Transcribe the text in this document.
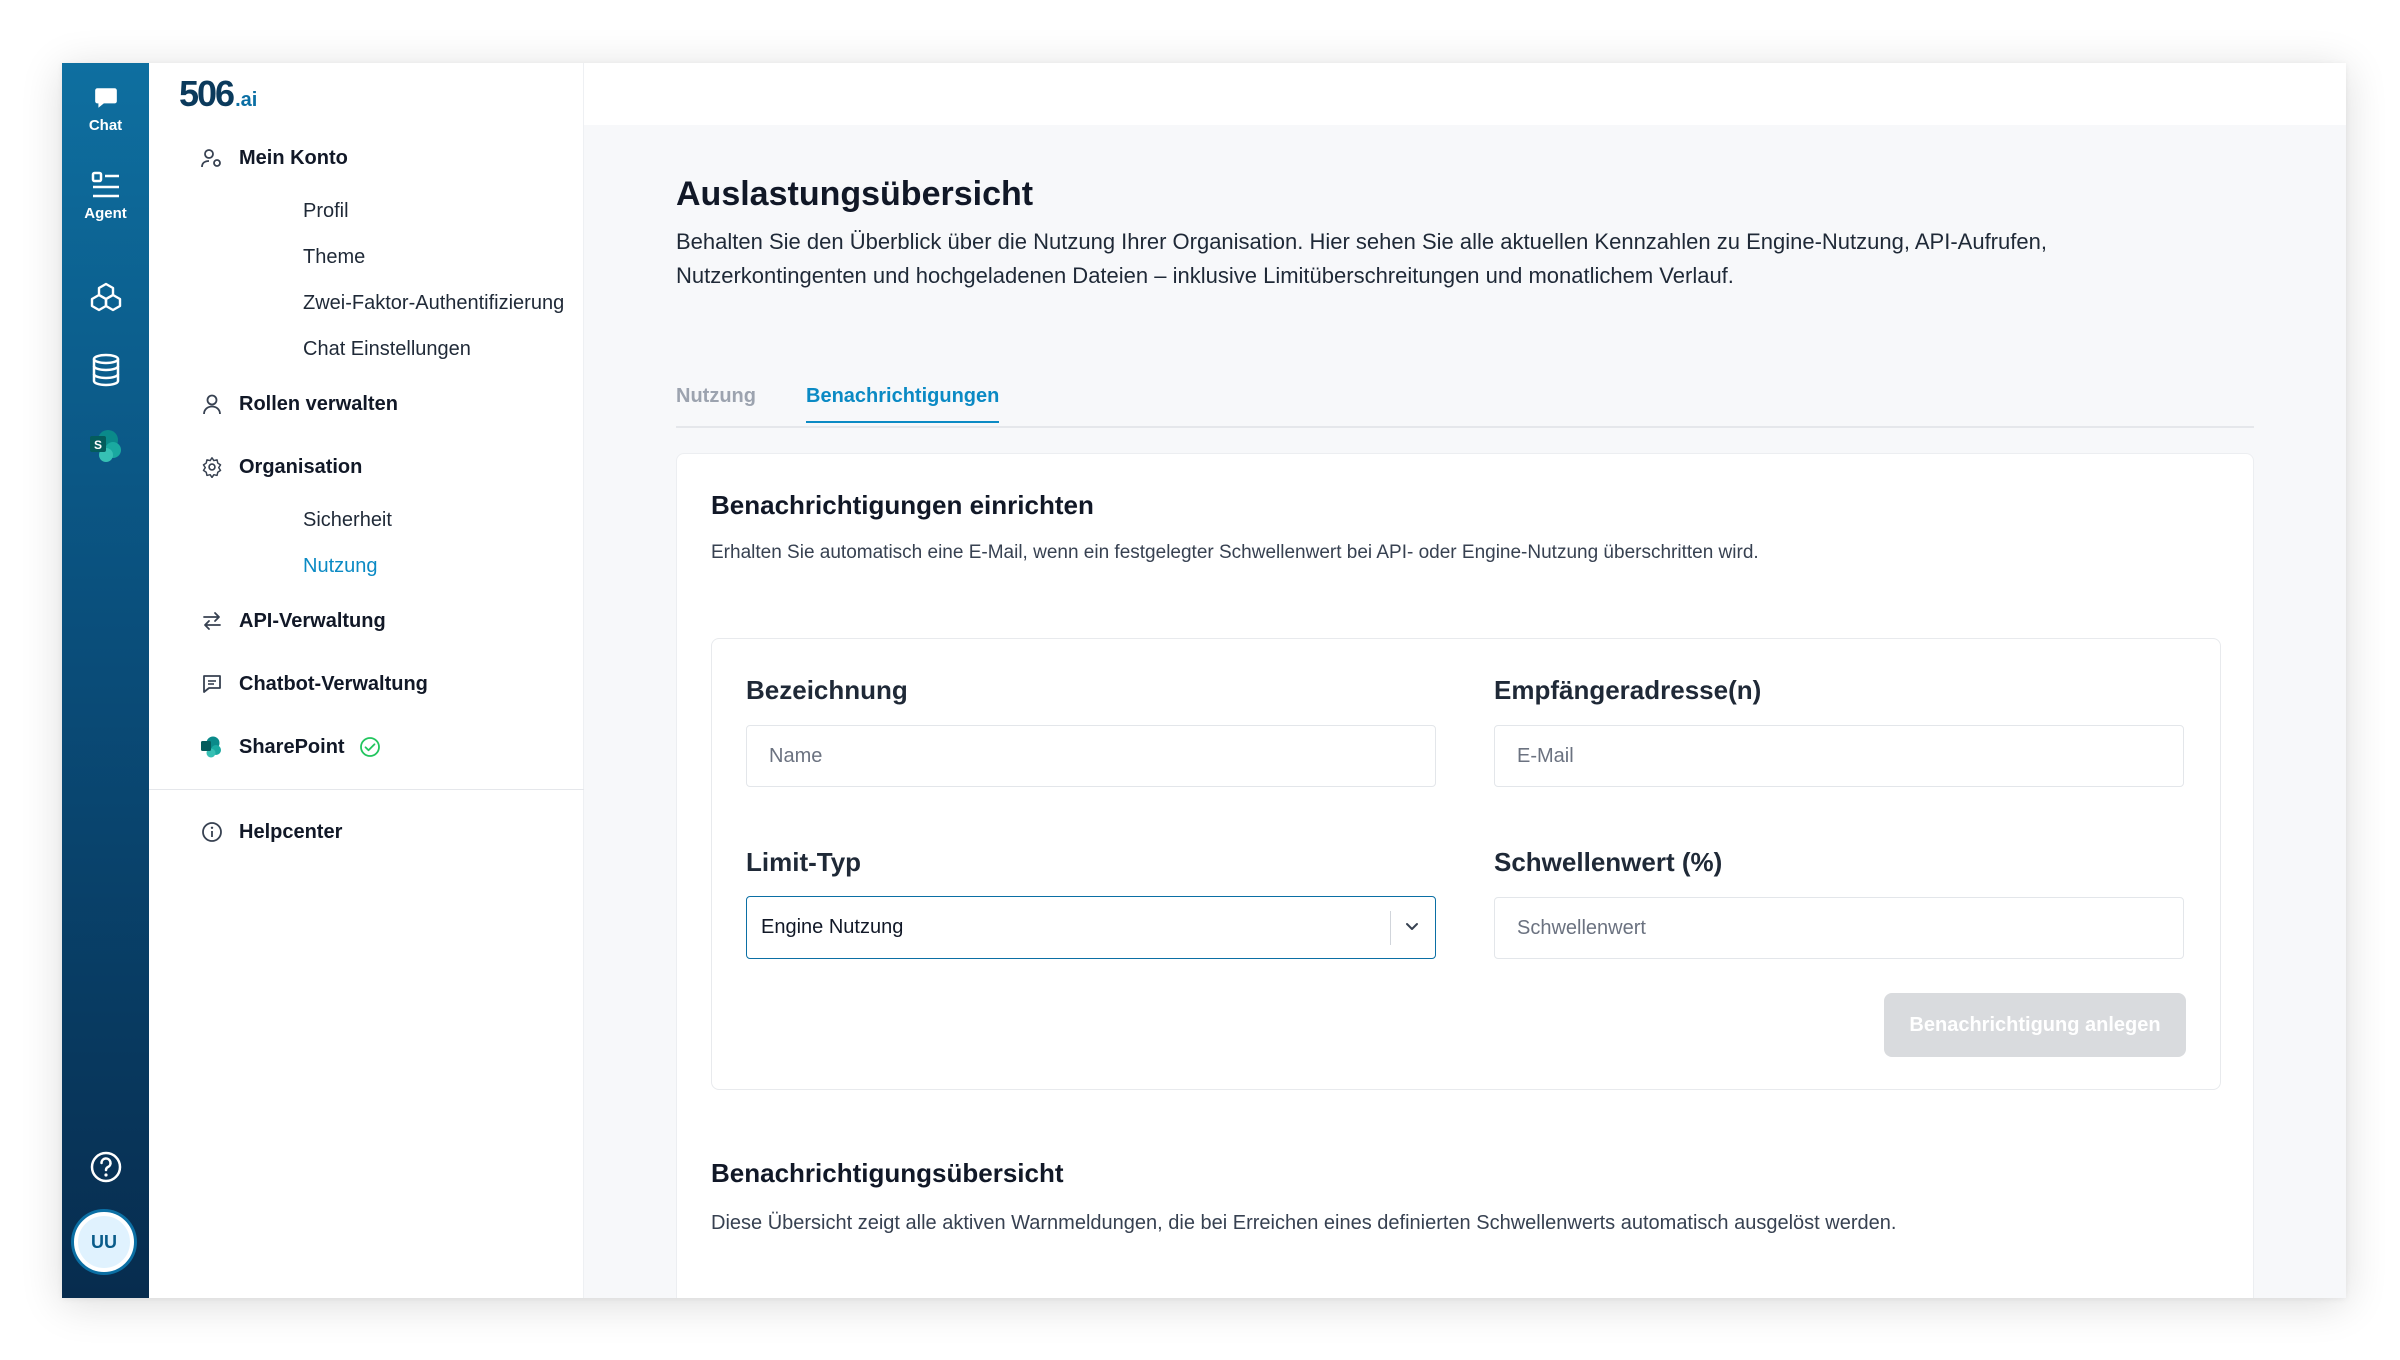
Chat
Agent
S
UU
506 .ai
Mein Konto
Profil
Theme
Zwei-Faktor-Authentifizierung
Chat Einstellungen
Rollen verwalten
Organisation
Sicherheit
Nutzung
API-Verwaltung
Chatbot-Verwaltung
SharePoint
Helpcenter
Auslastungsübersicht

Behalten Sie den Überblick über die Nutzung Ihrer Organisation. Hier sehen Sie alle aktuellen Kennzahlen zu Engine-Nutzung, API-Aufrufen, Nutzerkontingenten und hochgeladenen Dateien – inklusive Limitüberschreitungen und monatlichem Verlauf.

Nutzung	Benachrichtigungen
Benachrichtigungen einrichten

Erhalten Sie automatisch eine E-Mail, wenn ein festgelegter Schwellenwert bei API- oder Engine-Nutzung überschritten wird.

Bezeichnung
Name	Empfängeradresse(n)
E-Mail
Limit-Typ
Engine Nutzung
Schwellenwert (%)
Schwellenwert
Benachrichtigung anlegen
Benachrichtigungsübersicht

Diese Übersicht zeigt alle aktiven Warnmeldungen, die bei Erreichen eines definierten Schwellenwerts automatisch ausgelöst werden.
